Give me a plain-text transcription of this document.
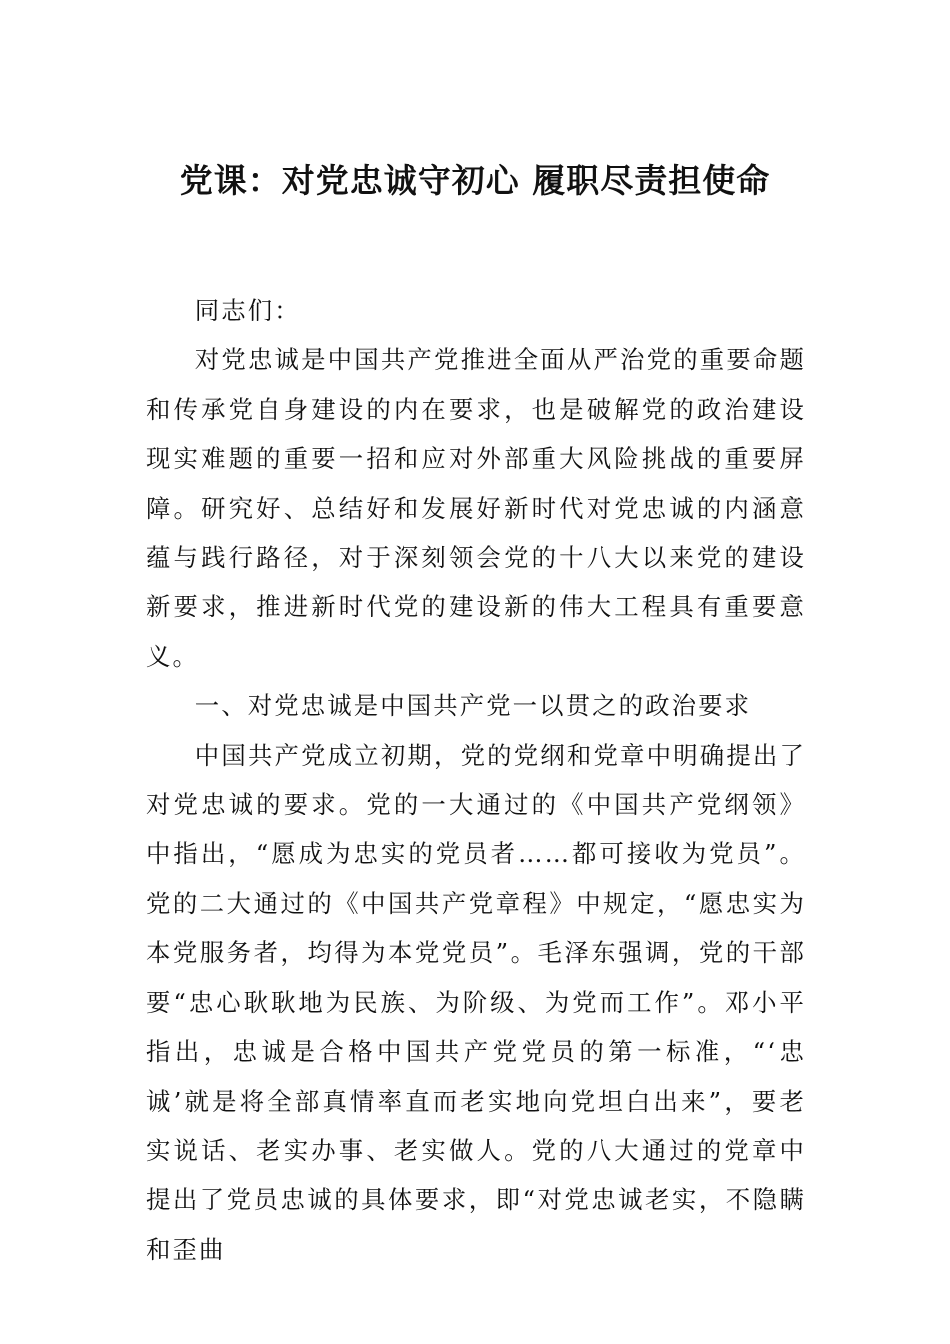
党课：对党忠诚守初心 履职尽责担使命

同志们：

对党忠诚是中国共产党推进全面从严治党的重要命题和传承党自身建设的内在要求，也是破解党的政治建设现实难题的重要一招和应对外部重大风险挑战的重要屏障。研究好、总结好和发展好新时代对党忠诚的内涵意蕴与践行路径，对于深刻领会党的十八大以来党的建设新要求，推进新时代党的建设新的伟大工程具有重要意义。

一、对党忠诚是中国共产党一以贯之的政治要求

中国共产党成立初期，党的党纲和党章中明确提出了对党忠诚的要求。党的一大通过的《中国共产党纲领》中指出，“愿成为忠实的党员者……都可接收为党员”。党的二大通过的《中国共产党章程》中规定，“愿忠实为本党服务者，均得为本党党员”。毛泽东强调，党的干部要“忠心耿耿地为民族、为阶级、为党而工作”。邓小平指出，忠诚是合格中国共产党党员的第一标准，“‘忠诚’就是将全部真情率直而老实地向党坦白出来”，要老实说话、老实办事、老实做人。党的八大通过的党章中提出了党员忠诚的具体要求，即“对党忠诚老实，不隐瞒和歪曲
